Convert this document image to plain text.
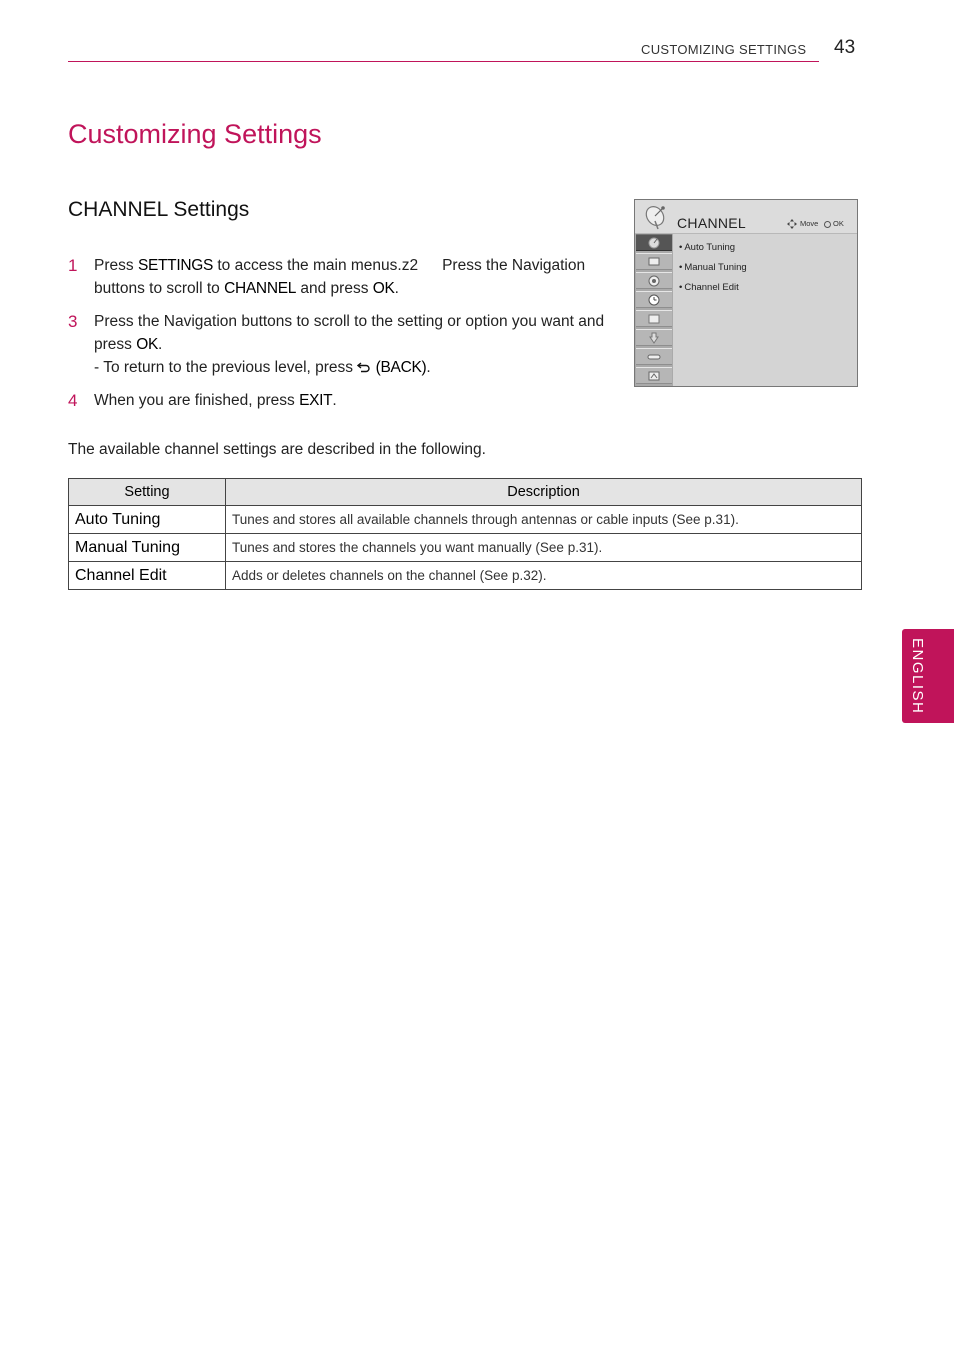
CUSTOMIZING SETTINGS 43
Customizing Settings
CHANNEL Settings
1 Press SETTINGS to access the main menus.z2 Press the Navigation buttons to scroll to CHANNEL and press OK.
3 Press the Navigation buttons to scroll to the setting or option you want and press OK.
- To return to the previous level, press  (BACK).
4 When you are finished, press EXIT.
CHANNEL	Move OK
• Auto Tuning
• Manual Tuning
• Channel Edit
The available channel settings are described in the following.
Setting	Description
Auto Tuning	Tunes and stores all available channels through antennas or cable inputs (See p.31).
Manual Tuning	Tunes and stores the channels you want manually (See p.31).
Channel Edit	Adds or deletes channels on the channel (See p.32).
ENGLISH
